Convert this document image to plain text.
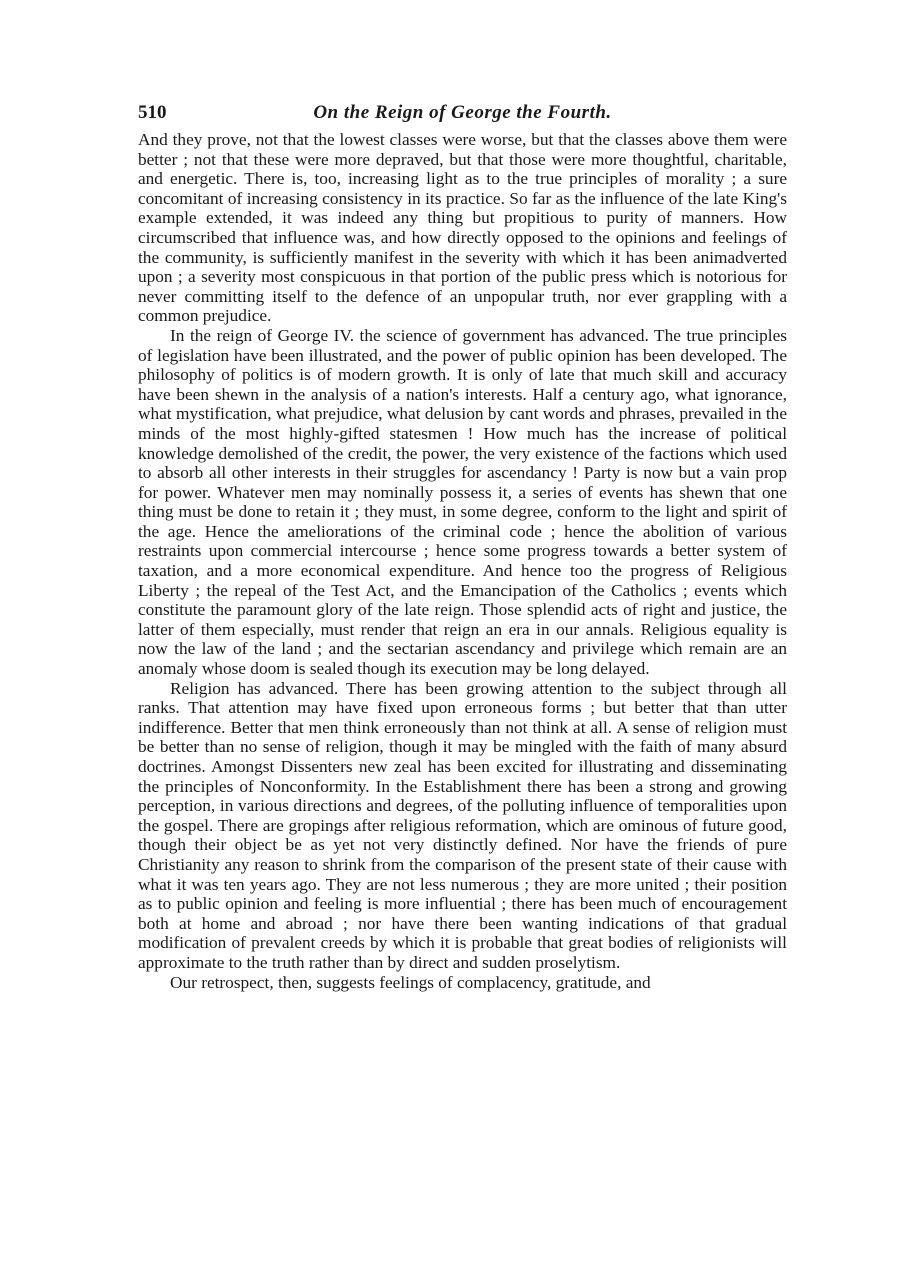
510	On the Reign of George the Fourth.

And they prove, not that the lowest classes were worse, but that the classes above them were better ; not that these were more depraved, but that those were more thoughtful, charitable, and energetic. There is, too, increasing light as to the true principles of morality ; a sure concomitant of increasing consistency in its practice. So far as the influence of the late King's example extended, it was indeed any thing but propitious to purity of manners. How circumscribed that influence was, and how directly opposed to the opinions and feelings of the community, is sufficiently manifest in the severity with which it has been animadverted upon ; a severity most conspicuous in that portion of the public press which is notorious for never committing itself to the defence of an unpopular truth, nor ever grappling with a common prejudice.

In the reign of George IV. the science of government has advanced. The true principles of legislation have been illustrated, and the power of public opinion has been developed. The philosophy of politics is of modern growth. It is only of late that much skill and accuracy have been shewn in the analysis of a nation's interests. Half a century ago, what ignorance, what mystification, what prejudice, what delusion by cant words and phrases, prevailed in the minds of the most highly-gifted statesmen ! How much has the increase of political knowledge demolished of the credit, the power, the very existence of the factions which used to absorb all other interests in their struggles for ascendancy ! Party is now but a vain prop for power. Whatever men may nominally possess it, a series of events has shewn that one thing must be done to retain it ; they must, in some degree, conform to the light and spirit of the age. Hence the ameliorations of the criminal code ; hence the abolition of various restraints upon commercial intercourse ; hence some progress towards a better system of taxation, and a more economical expenditure. And hence too the progress of Religious Liberty ; the repeal of the Test Act, and the Emancipation of the Catholics ; events which constitute the paramount glory of the late reign. Those splendid acts of right and justice, the latter of them especially, must render that reign an era in our annals. Religious equality is now the law of the land ; and the sectarian ascendancy and privilege which remain are an anomaly whose doom is sealed though its execution may be long delayed.

Religion has advanced. There has been growing attention to the subject through all ranks. That attention may have fixed upon erroneous forms ; but better that than utter indifference. Better that men think erroneously than not think at all. A sense of religion must be better than no sense of religion, though it may be mingled with the faith of many absurd doctrines. Amongst Dissenters new zeal has been excited for illustrating and disseminating the principles of Nonconformity. In the Establishment there has been a strong and growing perception, in various directions and degrees, of the polluting influence of temporalities upon the gospel. There are gropings after religious reformation, which are ominous of future good, though their object be as yet not very distinctly defined. Nor have the friends of pure Christianity any reason to shrink from the comparison of the present state of their cause with what it was ten years ago. They are not less numerous ; they are more united ; their position as to public opinion and feeling is more influential ; there has been much of encouragement both at home and abroad ; nor have there been wanting indications of that gradual modification of prevalent creeds by which it is probable that great bodies of religionists will approximate to the truth rather than by direct and sudden proselytism.

Our retrospect, then, suggests feelings of complacency, gratitude, and
